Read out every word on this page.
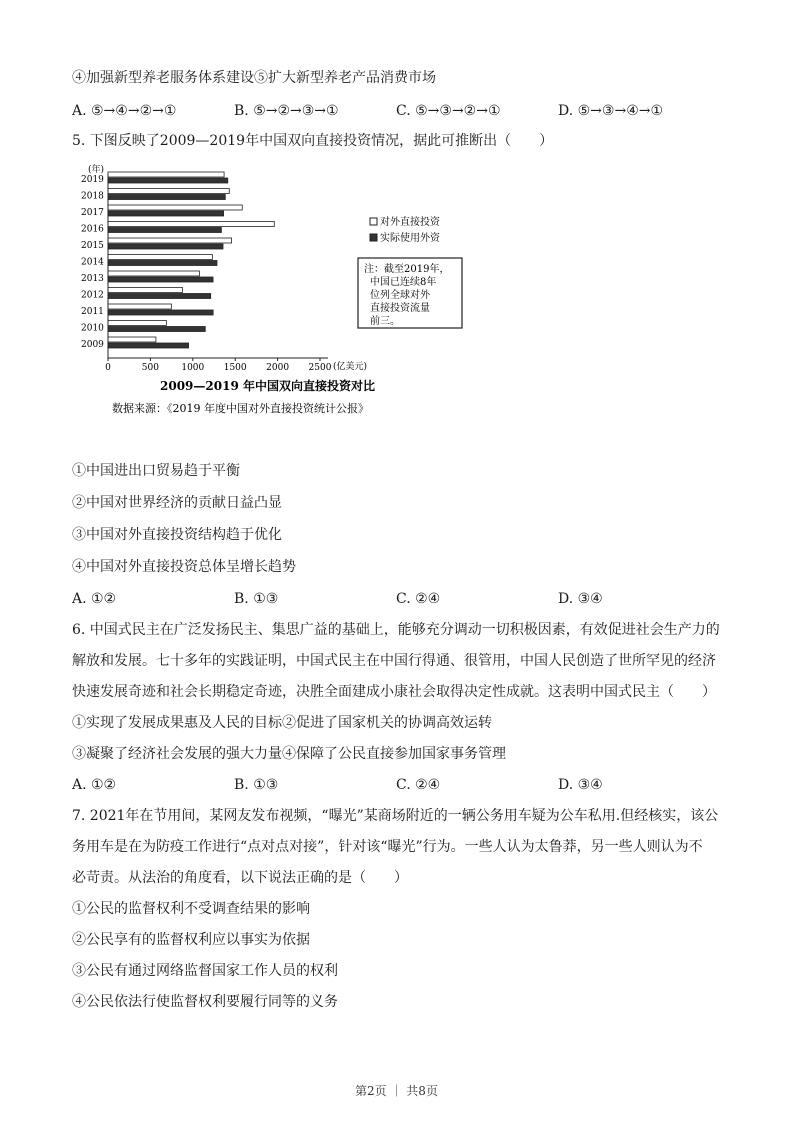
④加强新型养老服务体系建设⑤扩大新型养老产品消费市场
A. ⑤→④→②→①	B. ⑤→②→③→①	C. ⑤→③→②→①	D. ⑤→③→④→①
5. 下图反映了2009—2019年中国双向直接投资情况，据此可推断出（　　）
2019
2018
2017
2016
2015
2014
2013
2012
2011
2010
2009
0	500 1000 1500 2000 2500
(年)
(亿美元)
对外直接投资
实际使用外资
注：截至2019年，
中国已连续8年
位列全球对外
直接投资流量
前三。
2009—2019 年中国双向直接投资对比
数据来源：《2019 年度中国对外直接投资统计公报》
①中国进出口贸易趋于平衡
②中国对世界经济的贡献日益凸显
③中国对外直接投资结构趋于优化
④中国对外直接投资总体呈增长趋势
A. ①②	B. ①③	C. ②④	D. ③④
6. 中国式民主在广泛发扬民主、集思广益的基础上，能够充分调动一切积极因素，有效促进社会生产力的
解放和发展。七十多年的实践证明，中国式民主在中国行得通、很管用，中国人民创造了世所罕见的经济
快速发展奇迹和社会长期稳定奇迹，决胜全面建成小康社会取得决定性成就。这表明中国式民主（　　）
①实现了发展成果惠及人民的目标②促进了国家机关的协调高效运转
③凝聚了经济社会发展的强大力量④保障了公民直接参加国家事务管理
A. ①②	B. ①③	C. ②④	D. ③④
7. 2021年在节用间，某网友发布视频，“曝光”某商场附近的一辆公务用车疑为公车私用.但经核实，该公
务用车是在为防疫工作进行“点对点对接”，针对该“曝光”行为。一些人认为太鲁莽，另一些人则认为不
必苛责。从法治的角度看，以下说法正确的是（　　）
①公民的监督权利不受调查结果的影响
②公民享有的监督权利应以事实为依据
③公民有通过网络监督国家工作人员的权利
④公民依法行使监督权利要履行同等的义务
第2页 ｜ 共8页
